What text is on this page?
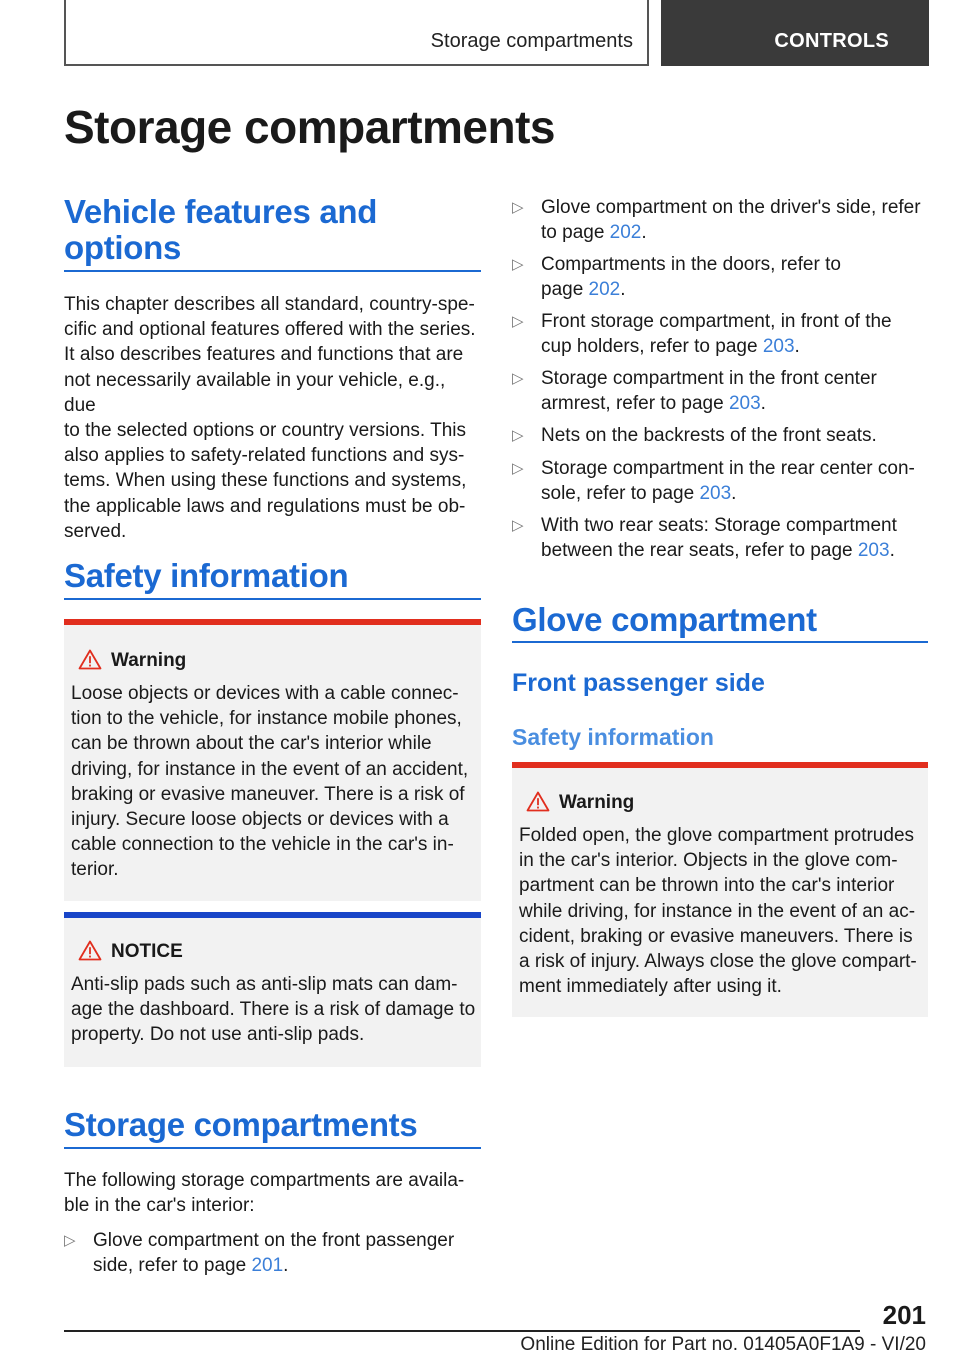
Storage compartments	CONTROLS
Storage compartments
Vehicle features and
options
This chapter describes all standard, country-spe-
cific and optional features offered with the series.
It also describes features and functions that are
not necessarily available in your vehicle, e.g., due
to the selected options or country versions. This
also applies to safety-related functions and sys-
tems. When using these functions and systems,
the applicable laws and regulations must be ob-
served.
Safety information
Warning
Loose objects or devices with a cable connec-
tion to the vehicle, for instance mobile phones,
can be thrown about the car's interior while
driving, for instance in the event of an accident,
braking or evasive maneuver. There is a risk of
injury. Secure loose objects or devices with a
cable connection to the vehicle in the car's in-
terior.
NOTICE
Anti-slip pads such as anti-slip mats can dam-
age the dashboard. There is a risk of damage to
property. Do not use anti-slip pads.
Storage compartments
The following storage compartments are availa-
ble in the car's interior:
▷ Glove compartment on the front passenger
side, refer to page 201.
▷ Glove compartment on the driver's side, refer
to page 202.
▷ Compartments in the doors, refer to
page 202.
▷ Front storage compartment, in front of the
cup holders, refer to page 203.
▷ Storage compartment in the front center
armrest, refer to page 203.
▷ Nets on the backrests of the front seats.
▷ Storage compartment in the rear center con-
sole, refer to page 203.
▷ With two rear seats: Storage compartment
between the rear seats, refer to page 203.
Glove compartment
Front passenger side
Safety information
Warning
Folded open, the glove compartment protrudes
in the car's interior. Objects in the glove com-
partment can be thrown into the car's interior
while driving, for instance in the event of an ac-
cident, braking or evasive maneuvers. There is
a risk of injury. Always close the glove compart-
ment immediately after using it.
201
Online Edition for Part no. 01405A0F1A9 - VI/20
